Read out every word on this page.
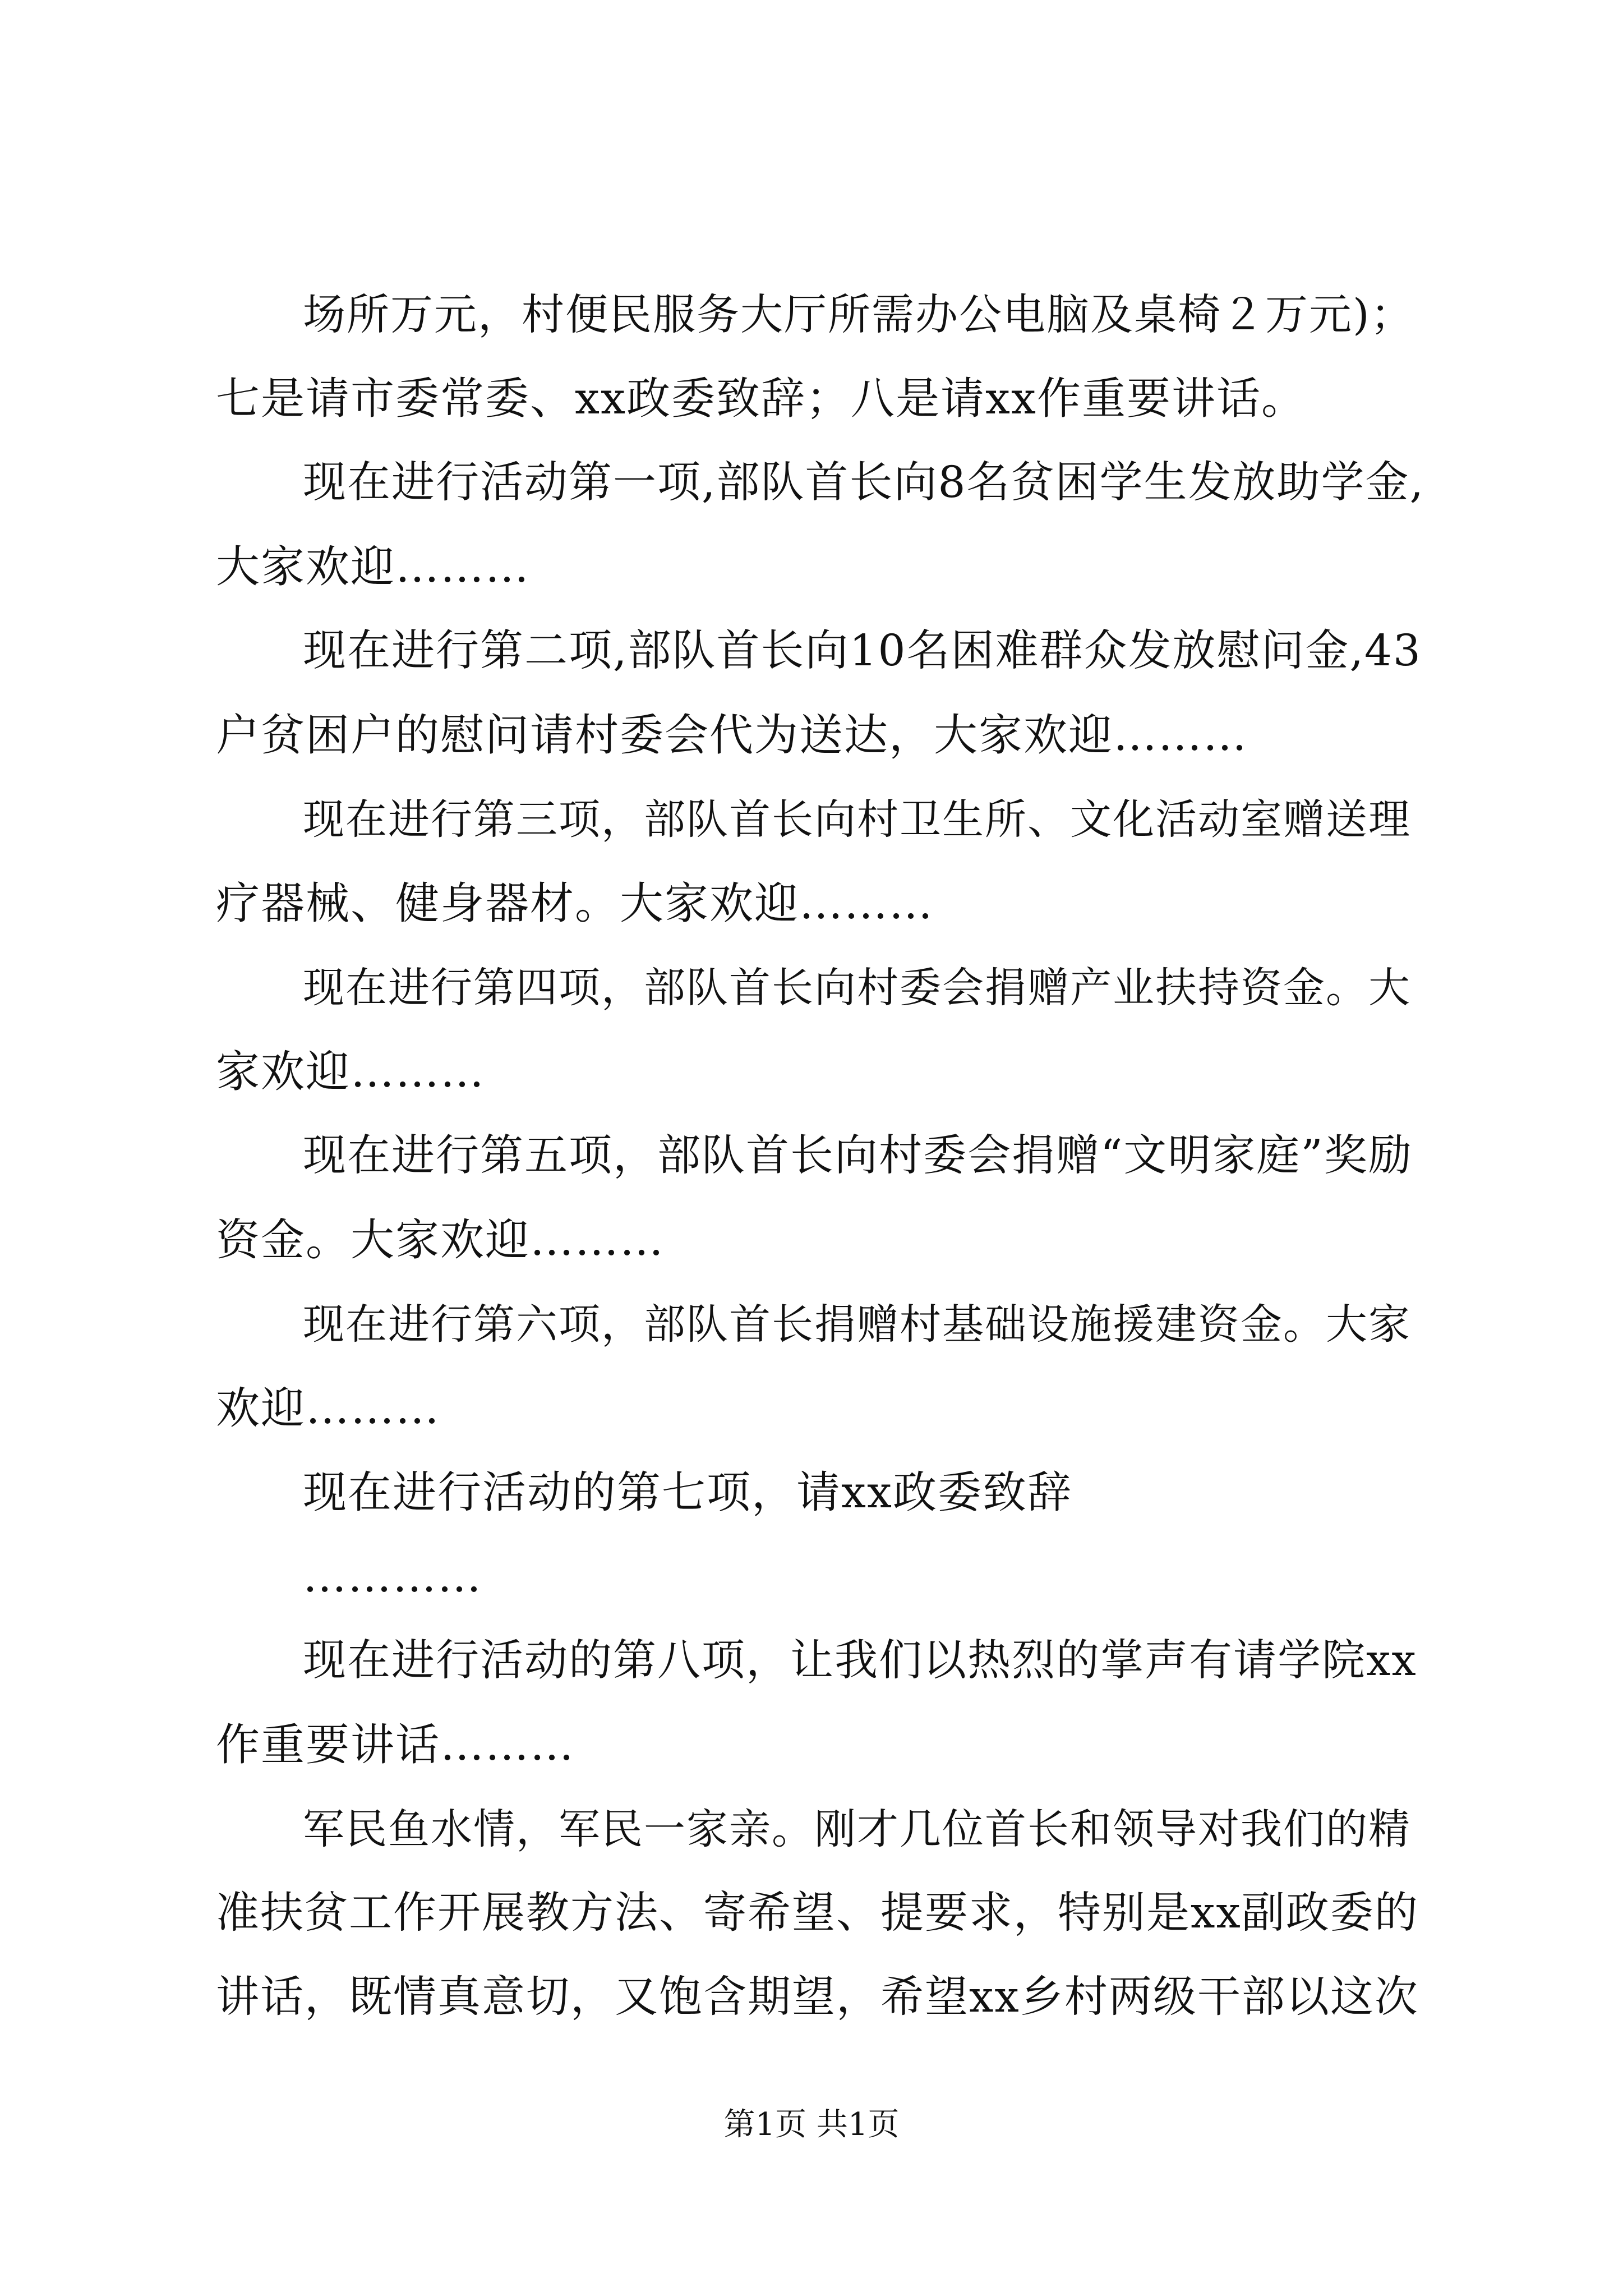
场所万元，村便民服务大厅所需办公电脑及桌椅２万元)；
七是请市委常委、xx政委致辞；八是请xx作重要讲话。
现在进行活动第一项,部队首长向8名贫困学生发放助学金,
大家欢迎………
现在进行第二项,部队首长向10名困难群众发放慰问金,43
户贫困户的慰问请村委会代为送达，大家欢迎………
现在进行第三项，部队首长向村卫生所、文化活动室赠送理
疗器械、健身器材。大家欢迎………
现在进行第四项，部队首长向村委会捐赠产业扶持资金。大
家欢迎………
现在进行第五项，部队首长向村委会捐赠“文明家庭”奖励
资金。大家欢迎………
现在进行第六项，部队首长捐赠村基础设施援建资金。大家
欢迎………
现在进行活动的第七项，请xx政委致辞
…………
现在进行活动的第八项，让我们以热烈的掌声有请学院xx
作重要讲话………
军民鱼水情，军民一家亲。刚才几位首长和领导对我们的精
准扶贫工作开展教方法、寄希望、提要求，特别是xx副政委的
讲话，既情真意切，又饱含期望，希望xx乡村两级干部以这次
第1页 共1页
